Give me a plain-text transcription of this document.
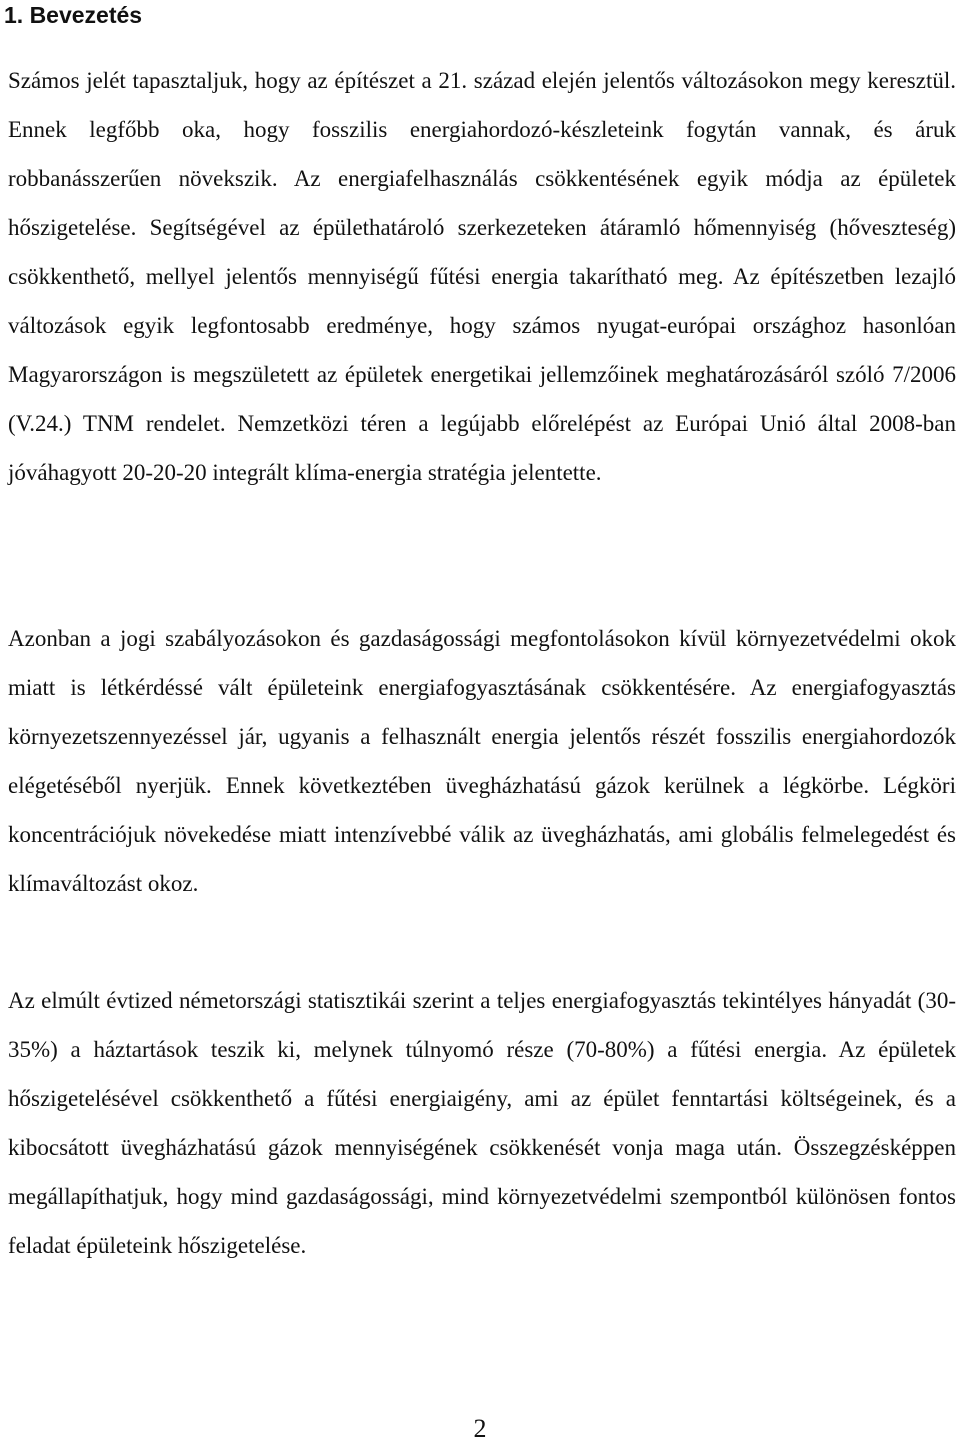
1. Bevezetés

Számos jelét tapasztaljuk, hogy az építészet a 21. század elején jelentős változásokon megy keresztül. Ennek legfőbb oka, hogy fosszilis energiahordozó-készleteink fogytán vannak, és áruk robbanásszerűen növekszik. Az energiafelhasználás csökkentésének egyik módja az épületek hőszigetelése. Segítségével az épülethatároló szerkezeteken átáramló hőmennyiség (hőveszteség) csökkenthető, mellyel jelentős mennyiségű fűtési energia takarítható meg. Az építészetben lezajló változások egyik legfontosabb eredménye, hogy számos nyugat-európai országhoz hasonlóan Magyarországon is megszületett az épületek energetikai jellemzőinek meghatározásáról szóló 7/2006 (V.24.) TNM rendelet. Nemzetközi téren a legújabb előrelépést az Európai Unió által 2008-ban jóváhagyott 20-20-20 integrált klíma-energia stratégia jelentette.

Azonban a jogi szabályozásokon és gazdaságossági megfontolásokon kívül környezetvédelmi okok miatt is létkérdéssé vált épületeink energiafogyasztásának csökkentésére. Az energiafogyasztás környezetszennyezéssel jár, ugyanis a felhasznált energia jelentős részét fosszilis energiahordozók elégetéséből nyerjük. Ennek következtében üvegházhatású gázok kerülnek a légkörbe. Légköri koncentrációjuk növekedése miatt intenzívebbé válik az üvegházhatás, ami globális felmelegedést és klímaváltozást okoz.

Az elmúlt évtized németországi statisztikái szerint a teljes energiafogyasztás tekintélyes hányadát (30-35%) a háztartások teszik ki, melynek túlnyomó része (70-80%) a fűtési energia. Az épületek hőszigetelésével csökkenthető a fűtési energiaigény, ami az épület fenntartási költségeinek, és a kibocsátott üvegházhatású gázok mennyiségének csökkenését vonja maga után. Összegzésképpen megállapíthatjuk, hogy mind gazdaságossági, mind környezetvédelmi szempontból különösen fontos feladat épületeink hőszigetelése.

2
